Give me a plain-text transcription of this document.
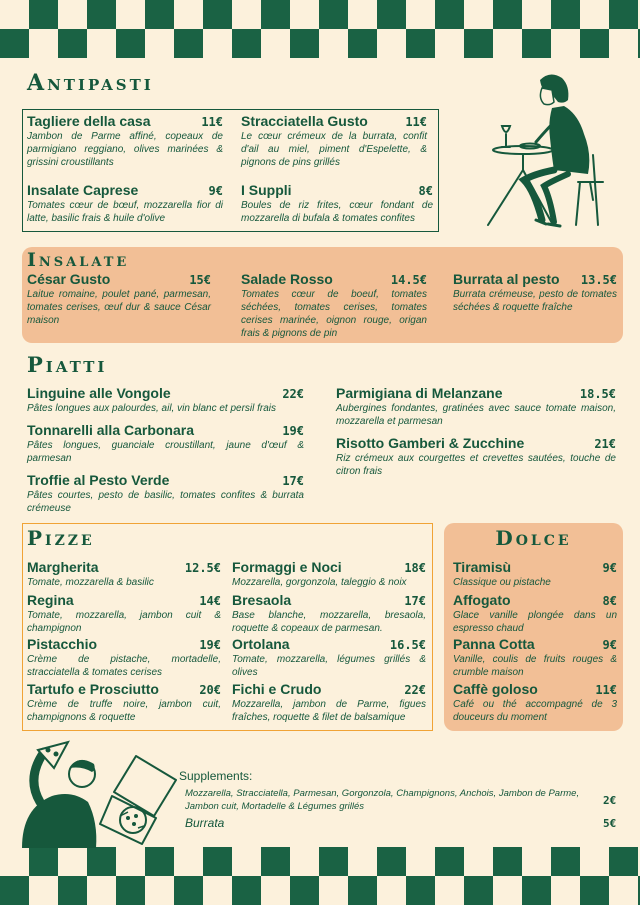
Antipasti
Tagliere della casa	11€
Jambon de Parme affiné, copeaux de parmigiano reggiano, olives marinées & grissini croustillants
Stracciatella Gusto	11€
Le cœur crémeux de la burrata, confit d'ail au miel, piment d'Espelette, & pignons de pins grillés
Insalate Caprese	9€
Tomates cœur de bœuf, mozzarella fior di latte, basilic frais & huile d'olive
I Suppli	8€
Boules de riz frites, cœur fondant de mozzarella di bufala & tomates confites
Insalate
César Gusto	15€
Laitue romaine, poulet pané, parmesan, tomates cerises, œuf dur & sauce César maison
Salade Rosso	14.5€
Tomates cœur de boeuf, tomates séchées, tomates cerises, tomates cerises marinée, oignon rouge, origan frais & pignons de pin
Burrata al pesto	13.5€
Burrata crémeuse, pesto de tomates séchées & roquette fraîche
Piatti
Linguine alle Vongole	22€
Pâtes longues aux palourdes, ail, vin blanc et persil frais
Tonnarelli alla Carbonara	19€
Pâtes longues, guanciale croustillant, jaune d'œuf & parmesan
Troffie al Pesto Verde	17€
Pâtes courtes, pesto de basilic, tomates confites & burrata crémeuse
Parmigiana di Melanzane	18.5€
Aubergines fondantes, gratinées avec sauce tomate maison, mozzarella et parmesan
Risotto Gamberi & Zucchine	21€
Riz crémeux aux courgettes et crevettes sautées, touche de citron frais
Pizze
Margherita	12.5€
Tomate, mozzarella & basilic
Regina	14€
Tomate, mozzarella, jambon cuit & champignon
Pistacchio	19€
Crème de pistache, mortadelle, stracciatella & tomates cerises
Tartufo e Prosciutto	20€
Crème de truffe noire, jambon cuit, champignons & roquette
Formaggi e Noci	18€
Mozzarella, gorgonzola, taleggio & noix
Bresaola	17€
Base blanche, mozzarella, bresaola, roquette & copeaux de parmesan.
Ortolana	16.5€
Tomate, mozzarella, légumes grillés & olives
Fichi e Crudo	22€
Mozzarella, jambon de Parme, figues fraîches, roquette & filet de balsamique
Dolce
Tiramisù	9€
Classique ou pistache
Affogato	8€
Glace vanille plongée dans un espresso chaud
Panna Cotta	9€
Vanille, coulis de fruits rouges & crumble maison
Caffè goloso	11€
Café ou thé accompagné de 3 douceurs du moment
Supplements:
Mozzarella, Stracciatella, Parmesan, Gorgonzola, Champignons, Anchois, Jambon de Parme, Jambon cuit, Mortadelle & Légumes grillés	2€
Burrata	5€
